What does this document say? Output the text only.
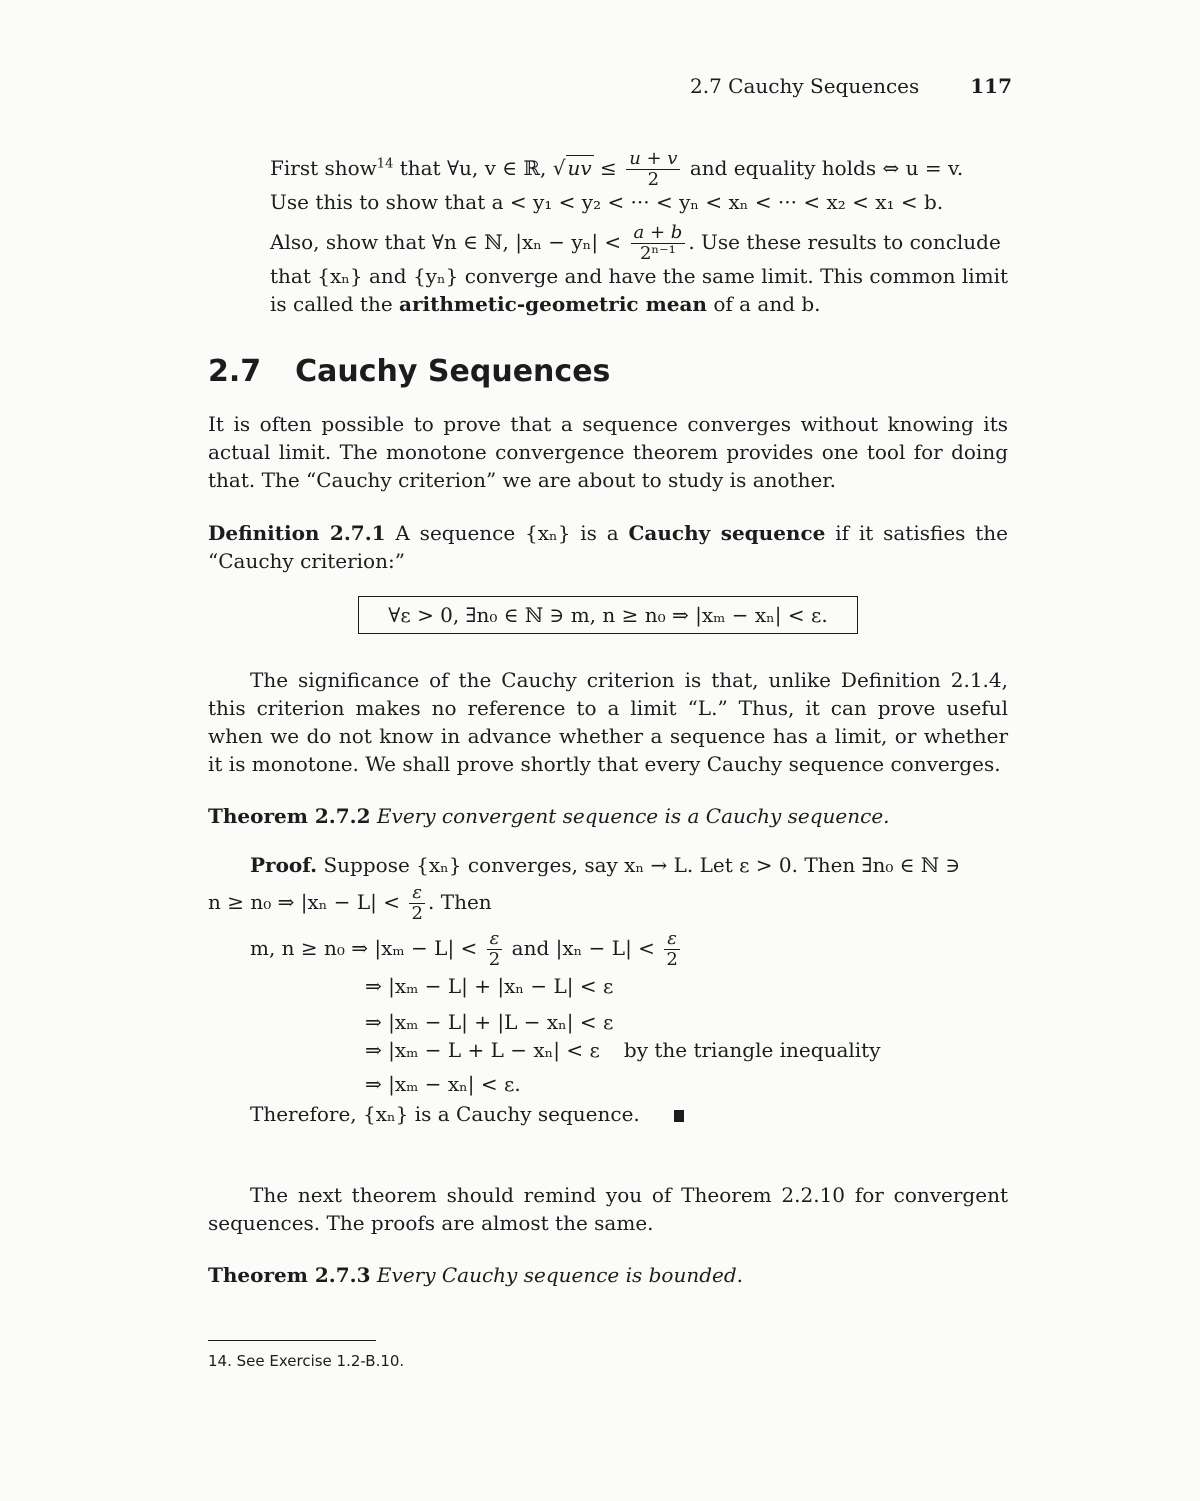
2.7 Cauchy Sequences	117
First show$^{14}$ that ∀u, v ∈ ℝ, √ uv ≤ $\frac{u + v}{2}$ and equality holds ⇔ u = v.
Use this to show that a < y₁ < y₂ < ··· < yₙ < xₙ < ··· < x₂ < x₁ < b.
Also, show that ∀n ∈ ℕ, $|x_n - y_n| < \frac{a + b}{\text{2ⁿ⁻¹}}$ . Use these results to conclude
that {xₙ} and {yₙ} converge and have the same limit. This common limit
is called the arithmetic-geometric mean of a and b.
2.7 Cauchy Sequences
It is often possible to prove that a sequence converges without knowing its actual limit. The monotone convergence theorem provides one tool for doing that. The “Cauchy criterion” we are about to study is another.
Definition 2.7.1 A sequence {xₙ} is a Cauchy sequence if it satisfies the “Cauchy criterion:”
∀ε > 0, ∃n₀ ∈ ℕ ∋ m, n ≥ n₀ ⇒ |xₘ − xₙ| < ε.
The significance of the Cauchy criterion is that, unlike Definition 2.1.4, this criterion makes no reference to a limit “L.” Thus, it can prove useful when we do not know in advance whether a sequence has a limit, or whether it is monotone. We shall prove shortly that every Cauchy sequence converges.
Theorem 2.7.2 Every convergent sequence is a Cauchy sequence.
Proof. Suppose {xₙ} converges, say xₙ → L. Let ε > 0. Then ∃n₀ ∈ ℕ ∋
n ≥ n₀ ⇒ $|x_n - L| < \frac{\varepsilon}{2}$ . Then
m, n ≥ n₀ ⇒ $|x_m - L| < \frac{\varepsilon}{2}$ and $|x_n - L| < \frac{\varepsilon}{2}$
⇒ |xₘ − L| + |xₙ − L| < ε
⇒ |xₘ − L| + |L − xₙ| < ε
⇒ |xₘ − L + L − xₙ| < ε by the triangle inequality
⇒ |xₘ − xₙ| < ε.
Therefore, {xₙ} is a Cauchy sequence.
The next theorem should remind you of Theorem 2.2.10 for convergent sequences. The proofs are almost the same.
Theorem 2.7.3 Every Cauchy sequence is bounded.
14. See Exercise 1.2-B.10.
